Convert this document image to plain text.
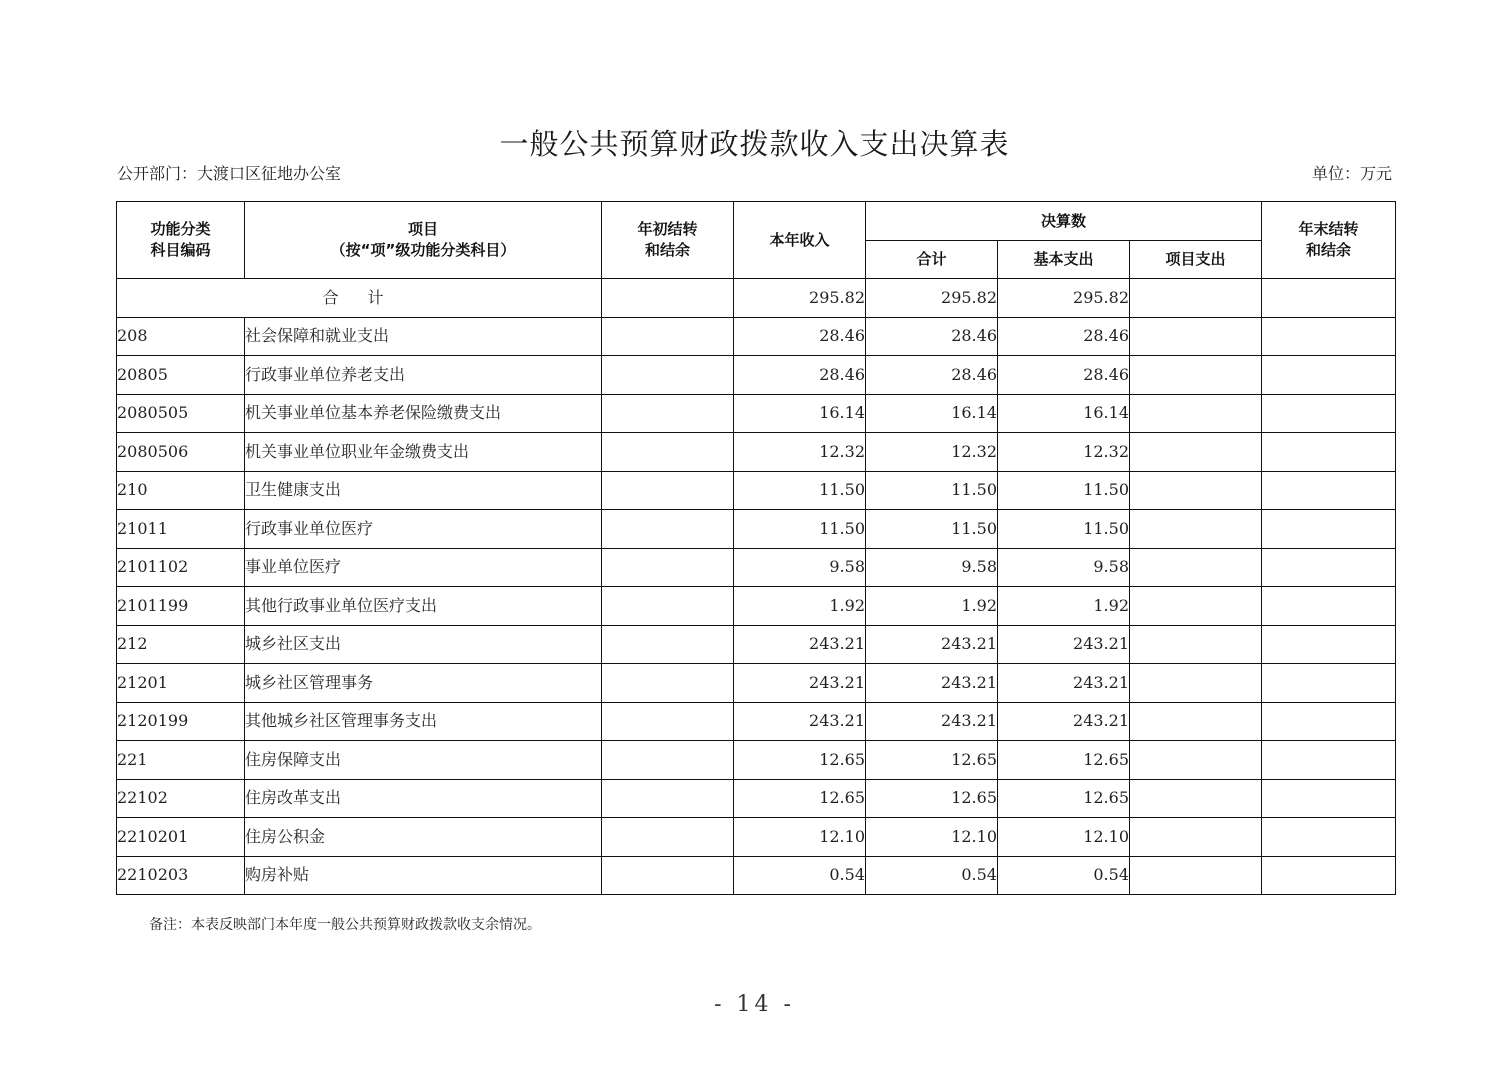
一般公共预算财政拨款收入支出决算表
公开部门：大渡口区征地办公室	单位：万元
功能分类
科目编码	项目
（按“项”级功能分类科目）	年初结转
和结余	本年收入	决算数			年末结转
和结余
				合计	基本支出	项目支出	
合 计			295.82	295.82	295.82		
208	社会保障和就业支出		28.46	28.46	28.46		
20805	行政事业单位养老支出		28.46	28.46	28.46		
2080505	机关事业单位基本养老保险缴费支出		16.14	16.14	16.14		
2080506	机关事业单位职业年金缴费支出		12.32	12.32	12.32		
210	卫生健康支出		11.50	11.50	11.50		
21011	行政事业单位医疗		11.50	11.50	11.50		
2101102	事业单位医疗		9.58	9.58	9.58		
2101199	其他行政事业单位医疗支出		1.92	1.92	1.92		
212	城乡社区支出		243.21	243.21	243.21		
21201	城乡社区管理事务		243.21	243.21	243.21		
2120199	其他城乡社区管理事务支出		243.21	243.21	243.21		
221	住房保障支出		12.65	12.65	12.65		
22102	住房改革支出		12.65	12.65	12.65		
2210201	住房公积金		12.10	12.10	12.10		
2210203	购房补贴		0.54	0.54	0.54		
备注：本表反映部门本年度一般公共预算财政拨款收支余情况。
- 14 -
